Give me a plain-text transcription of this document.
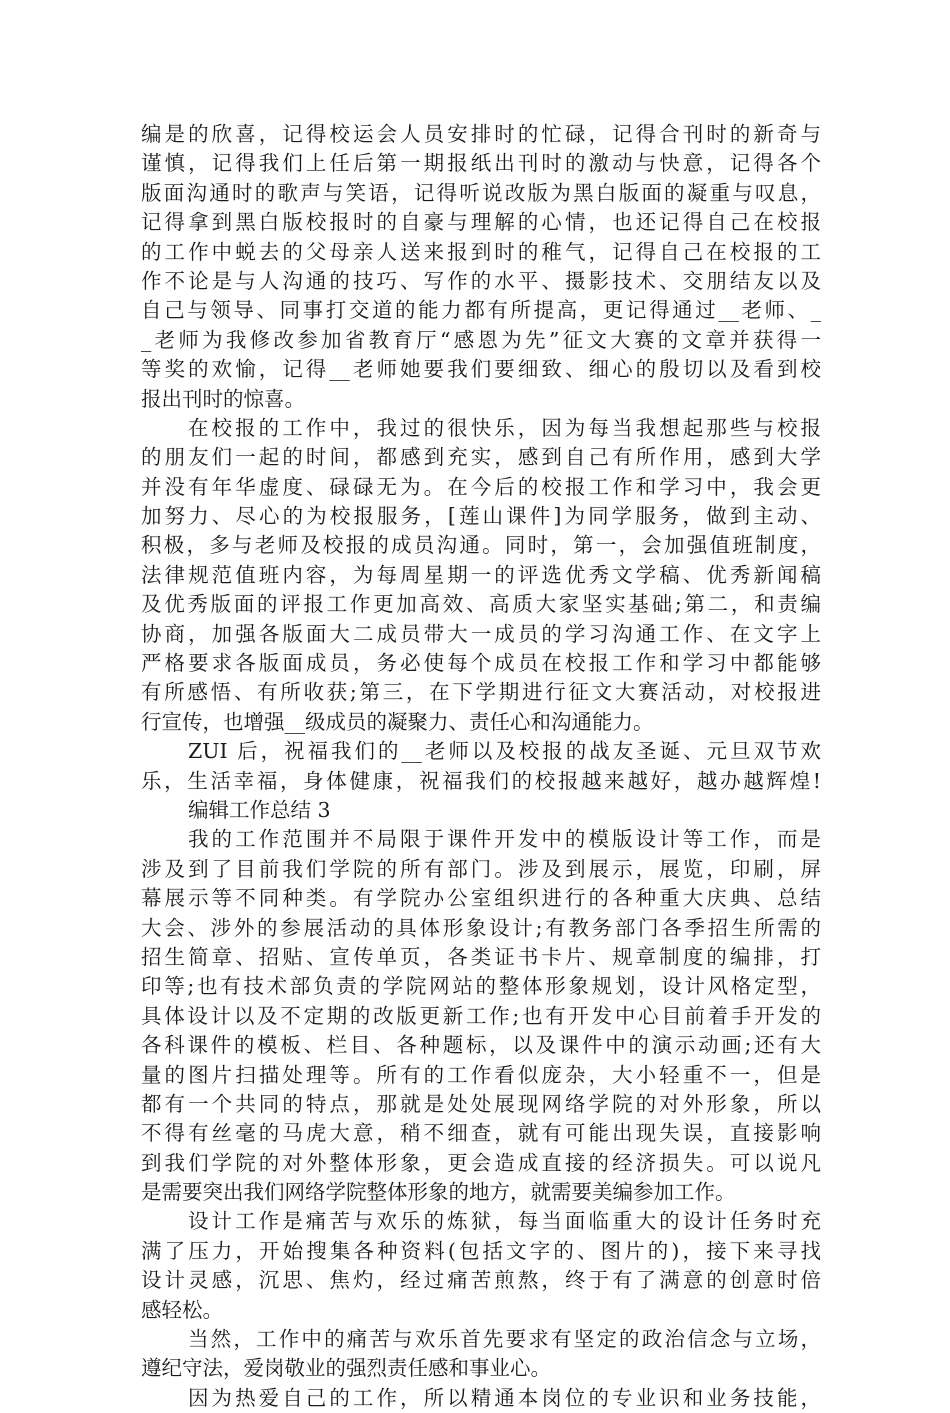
编是的欣喜，记得校运会人员安排时的忙碌，记得合刊时的新奇与
谨慎，记得我们上任后第一期报纸出刊时的激动与快意，记得各个
版面沟通时的歌声与笑语，记得听说改版为黑白版面的凝重与叹息，
记得拿到黑白版校报时的自豪与理解的心情，也还记得自己在校报
的工作中蜕去的父母亲人送来报到时的稚气，记得自己在校报的工
作不论是与人沟通的技巧、写作的水平、摄影技术、交朋结友以及
自己与领导、同事打交道的能力都有所提高，更记得通过__老师、_
_老师为我修改参加省教育厅“感恩为先”征文大赛的文章并获得一
等奖的欢愉，记得__老师她要我们要细致、细心的殷切以及看到校
报出刊时的惊喜。
在校报的工作中，我过的很快乐，因为每当我想起那些与校报
的朋友们一起的时间，都感到充实，感到自己有所作用，感到大学
并没有年华虚度、碌碌无为。在今后的校报工作和学习中，我会更
加努力、尽心的为校报服务，[莲山课件]为同学服务，做到主动、
积极，多与老师及校报的成员沟通。同时，第一，会加强值班制度，
法律规范值班内容，为每周星期一的评选优秀文学稿、优秀新闻稿
及优秀版面的评报工作更加高效、高质大家坚实基础;第二，和责编
协商，加强各版面大二成员带大一成员的学习沟通工作、在文字上
严格要求各版面成员，务必使每个成员在校报工作和学习中都能够
有所感悟、有所收获;第三，在下学期进行征文大赛活动，对校报进
行宣传，也增强__级成员的凝聚力、责任心和沟通能力。
ZUI 后，祝福我们的__老师以及校报的战友圣诞、元旦双节欢
乐，生活幸福，身体健康，祝福我们的校报越来越好，越办越辉煌!
编辑工作总结 3
我的工作范围并不局限于课件开发中的模版设计等工作，而是
涉及到了目前我们学院的所有部门。涉及到展示，展览，印刷，屏
幕展示等不同种类。有学院办公室组织进行的各种重大庆典、总结
大会、涉外的参展活动的具体形象设计;有教务部门各季招生所需的
招生简章、招贴、宣传单页，各类证书卡片、规章制度的编排，打
印等;也有技术部负责的学院网站的整体形象规划，设计风格定型，
具体设计以及不定期的改版更新工作;也有开发中心目前着手开发的
各科课件的模板、栏目、各种题标，以及课件中的演示动画;还有大
量的图片扫描处理等。所有的工作看似庞杂，大小轻重不一，但是
都有一个共同的特点，那就是处处展现网络学院的对外形象，所以
不得有丝毫的马虎大意，稍不细查，就有可能出现失误，直接影响
到我们学院的对外整体形象，更会造成直接的经济损失。可以说凡
是需要突出我们网络学院整体形象的地方，就需要美编参加工作。
设计工作是痛苦与欢乐的炼狱，每当面临重大的设计任务时充
满了压力，开始搜集各种资料(包括文字的、图片的)，接下来寻找
设计灵感，沉思、焦灼，经过痛苦煎熬，终于有了满意的创意时倍
感轻松。
当然，工作中的痛苦与欢乐首先要求有坚定的政治信念与立场，
遵纪守法，爱岗敬业的强烈责任感和事业心。
因为热爱自己的工作，所以精通本岗位的专业识和业务技能，
